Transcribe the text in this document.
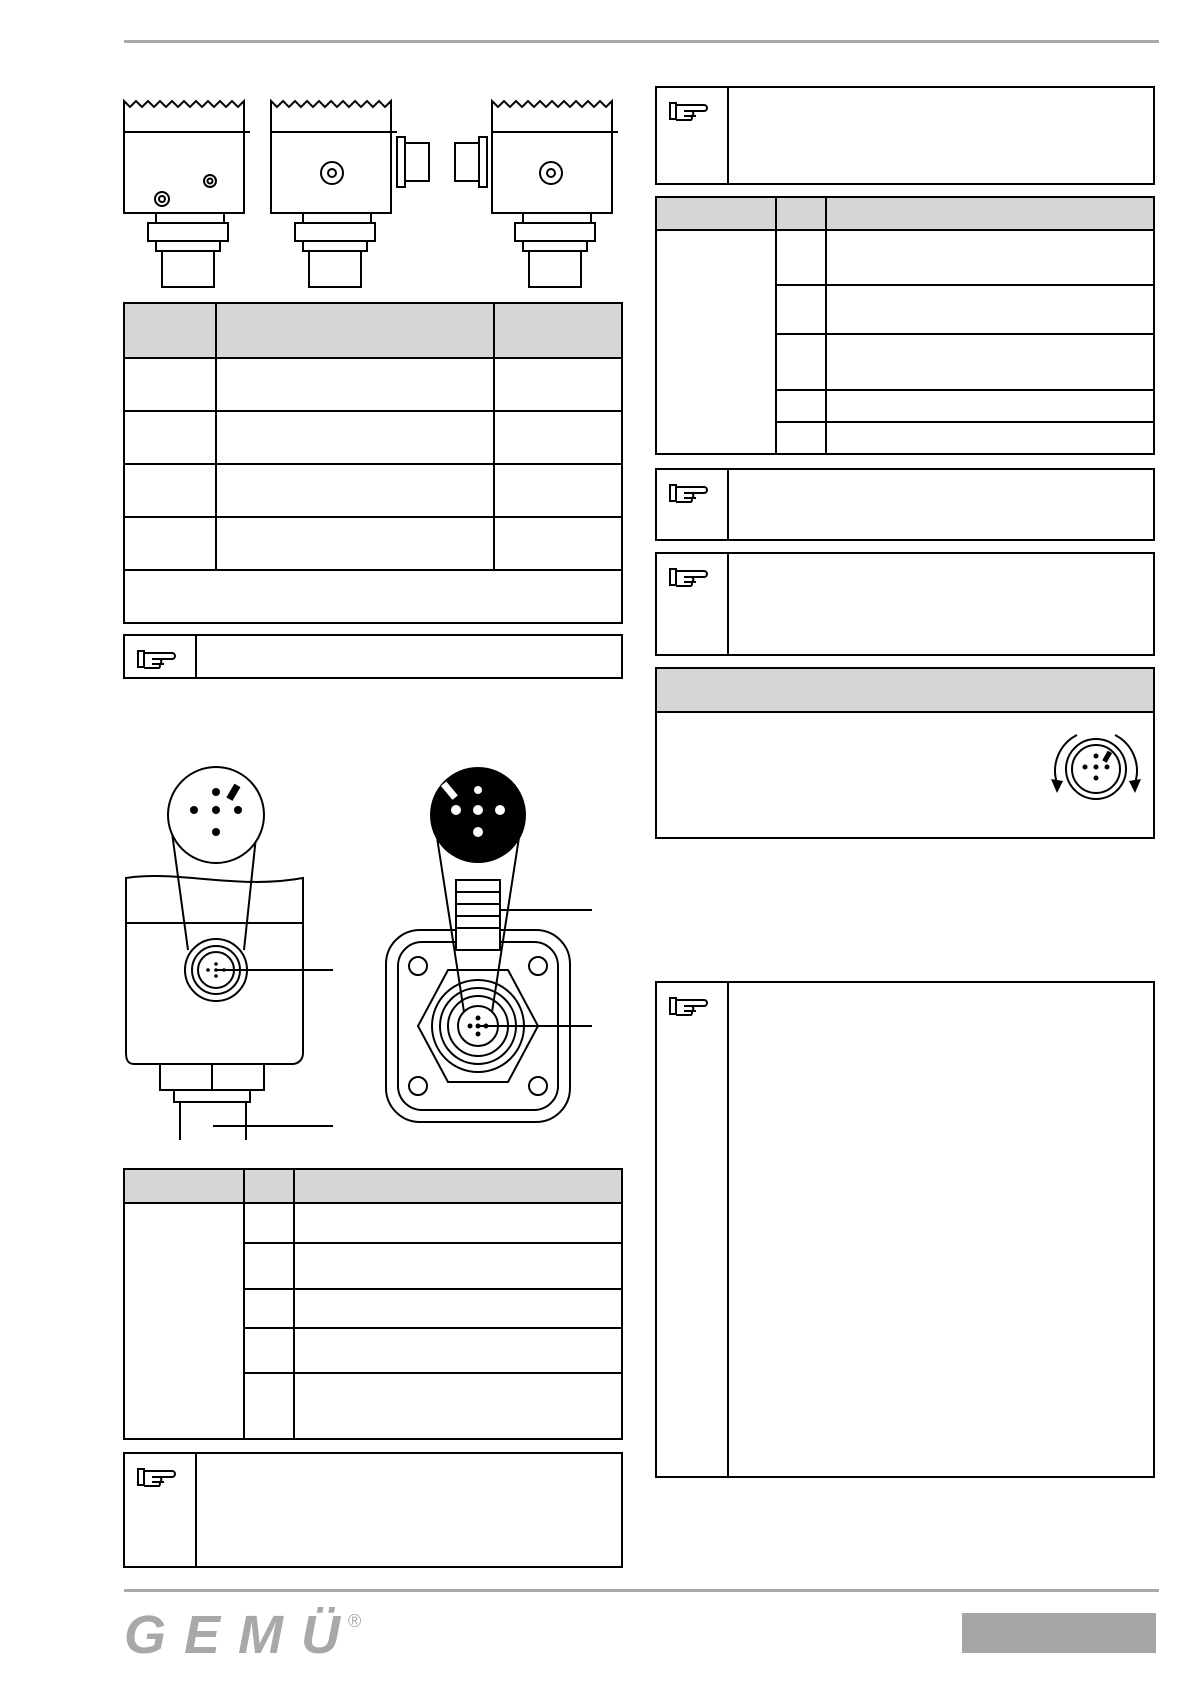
GEMÜ ®
